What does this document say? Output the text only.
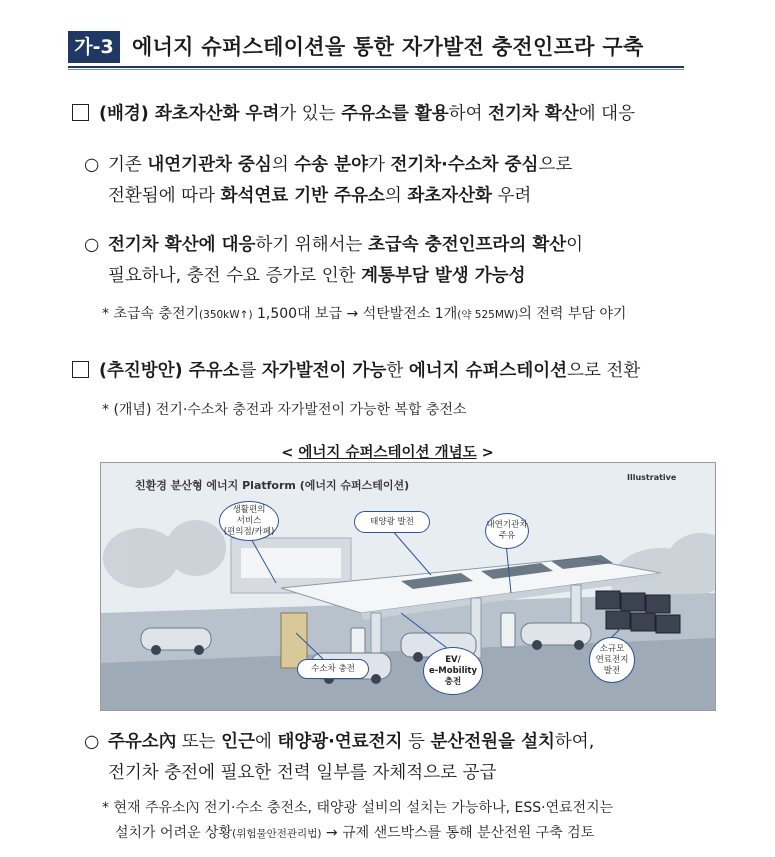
가-3 에너지 슈퍼스테이션을 통한 자가발전 충전인프라 구축
(배경) 좌초자산화 우려가 있는 주유소를 활용하여 전기차 확산에 대응
○ 기존 내연기관차 중심의 수송 분야가 전기차·수소차 중심으로
전환됨에 따라 화석연료 기반 주유소의 좌초자산화 우려
○ 전기차 확산에 대응하기 위해서는 초급속 충전인프라의 확산이
필요하나, 충전 수요 증가로 인한 계통부담 발생 가능성
* 초급속 충전기(350kW↑) 1,500대 보급 → 석탄발전소 1개(약 525MW)의 전력 부담 야기
(추진방안) 주유소를 자가발전이 가능한 에너지 슈퍼스테이션으로 전환
* (개념) 전기·수소차 충전과 자가발전이 가능한 복합 충전소
< 에너지 슈퍼스테이션 개념도 >
친환경 분산형 에너지 Platform (에너지 슈퍼스테이션)
Illustrative
생활편의
서비스
(편의점/카페)
태양광 발전	내연기관차
주유
수소차 충전
EV/
e-Mobility
충전
소규모
연료전지
발전
○ 주유소內 또는 인근에 태양광·연료전지 등 분산전원을 설치하여,
전기차 충전에 필요한 전력 일부를 자체적으로 공급
* 현재 주유소內 전기·수소 충전소, 태양광 설비의 설치는 가능하나, ESS·연료전지는
설치가 어려운 상황(위험물안전관리법) → 규제 샌드박스를 통해 분산전원 구축 검토
